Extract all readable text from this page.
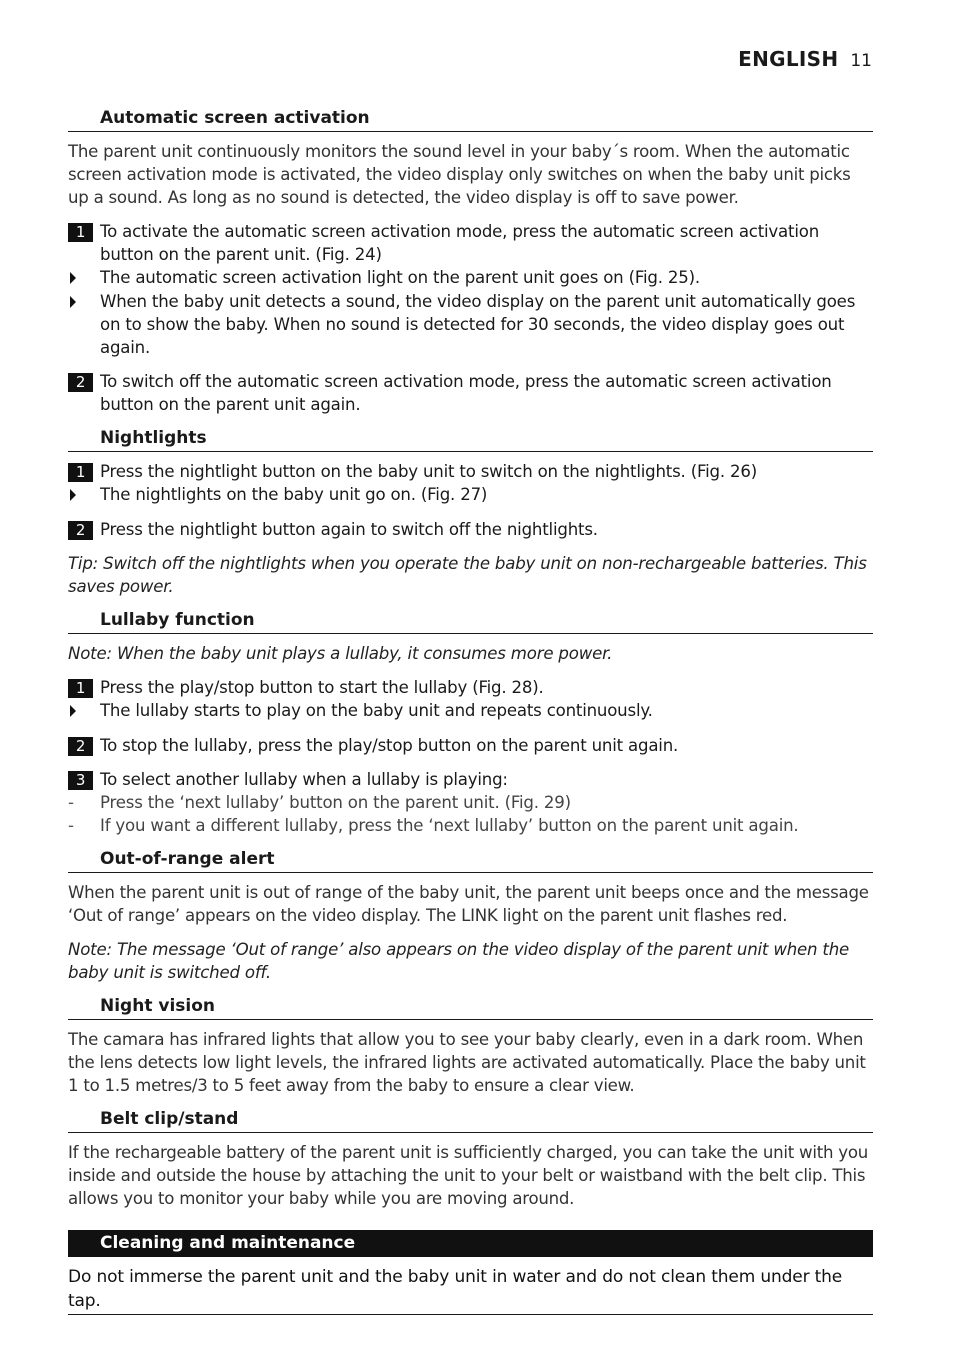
ENGLISH 11
Automatic screen activation
The parent unit continuously monitors the sound level in your baby´s room. When the automatic screen activation mode is activated, the video display only switches on when the baby unit picks up a sound. As long as no sound is detected, the video display is off to save power.
1 To activate the automatic screen activation mode, press the automatic screen activation button on the parent unit. (Fig. 24)
The automatic screen activation light on the parent unit goes on (Fig. 25).
When the baby unit detects a sound, the video display on the parent unit automatically goes on to show the baby. When no sound is detected for 30 seconds, the video display goes out again.
2 To switch off the automatic screen activation mode, press the automatic screen activation button on the parent unit again.
Nightlights
1 Press the nightlight button on the baby unit to switch on the nightlights. (Fig. 26)
The nightlights on the baby unit go on. (Fig. 27)
2 Press the nightlight button again to switch off the nightlights.
Tip: Switch off the nightlights when you operate the baby unit on non-rechargeable batteries. This saves power.
Lullaby function
Note: When the baby unit plays a lullaby, it consumes more power.
1 Press the play/stop button to start the lullaby (Fig. 28).
The lullaby starts to play on the baby unit and repeats continuously.
2 To stop the lullaby, press the play/stop button on the parent unit again.
3 To select another lullaby when a lullaby is playing:
-	Press the ‘next lullaby’ button on the parent unit. (Fig. 29)
-	If you want a different lullaby, press the ‘next lullaby’ button on the parent unit again.
Out-of-range alert
When the parent unit is out of range of the baby unit, the parent unit beeps once and the message ‘Out of range’ appears on the video display. The LINK light on the parent unit flashes red.
Note: The message ‘Out of range’ also appears on the video display of the parent unit when the baby unit is switched off.
Night vision
The camara has infrared lights that allow you to see your baby clearly, even in a dark room. When the lens detects low light levels, the infrared lights are activated automatically. Place the baby unit 1 to 1.5 metres/3 to 5 feet away from the baby to ensure a clear view.
Belt clip/stand
If the rechargeable battery of the parent unit is sufficiently charged, you can take the unit with you inside and outside the house by attaching the unit to your belt or waistband with the belt clip. This allows you to monitor your baby while you are moving around.
Cleaning and maintenance
Do not immerse the parent unit and the baby unit in water and do not clean them under the tap.
